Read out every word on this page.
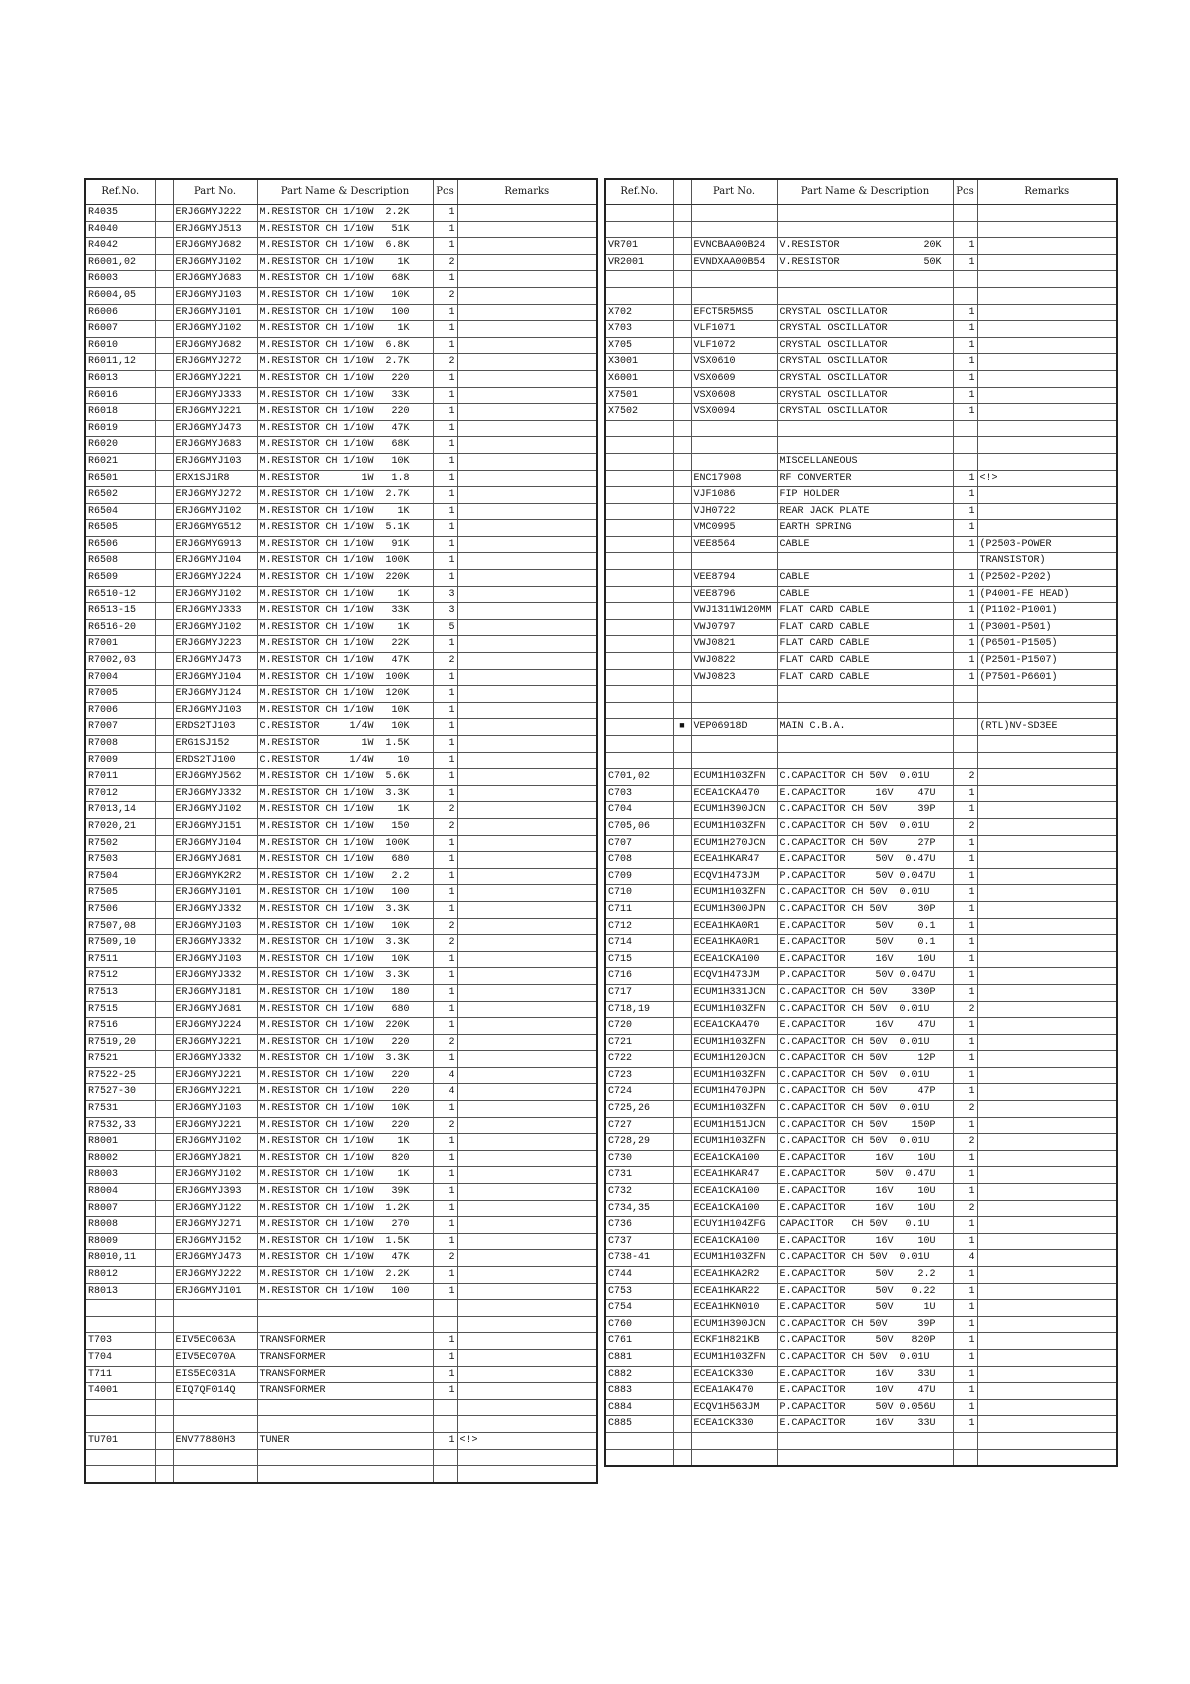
Ref.No.		Part No.	Part Name & Description	Pcs	Remarks
R4035		ERJ6GMYJ222	M.RESISTOR CH 1/10W  2.2K	1	
R4040		ERJ6GMYJ513	M.RESISTOR CH 1/10W   51K	1	
R4042		ERJ6GMYJ682	M.RESISTOR CH 1/10W  6.8K	1	
R6001,02		ERJ6GMYJ102	M.RESISTOR CH 1/10W    1K	2	
R6003		ERJ6GMYJ683	M.RESISTOR CH 1/10W   68K	1	
R6004,05		ERJ6GMYJ103	M.RESISTOR CH 1/10W   10K	2	
R6006		ERJ6GMYJ101	M.RESISTOR CH 1/10W   100	1	
R6007		ERJ6GMYJ102	M.RESISTOR CH 1/10W    1K	1	
R6010		ERJ6GMYJ682	M.RESISTOR CH 1/10W  6.8K	1	
R6011,12		ERJ6GMYJ272	M.RESISTOR CH 1/10W  2.7K	2	
R6013		ERJ6GMYJ221	M.RESISTOR CH 1/10W   220	1	
R6016		ERJ6GMYJ333	M.RESISTOR CH 1/10W   33K	1	
R6018		ERJ6GMYJ221	M.RESISTOR CH 1/10W   220	1	
R6019		ERJ6GMYJ473	M.RESISTOR CH 1/10W   47K	1	
R6020		ERJ6GMYJ683	M.RESISTOR CH 1/10W   68K	1	
R6021		ERJ6GMYJ103	M.RESISTOR CH 1/10W   10K	1	
R6501		ERX1SJ1R8	M.RESISTOR       1W   1.8	1	
R6502		ERJ6GMYJ272	M.RESISTOR CH 1/10W  2.7K	1	
R6504		ERJ6GMYJ102	M.RESISTOR CH 1/10W    1K	1	
R6505		ERJ6GMYG512	M.RESISTOR CH 1/10W  5.1K	1	
R6506		ERJ6GMYG913	M.RESISTOR CH 1/10W   91K	1	
R6508		ERJ6GMYJ104	M.RESISTOR CH 1/10W  100K	1	
R6509		ERJ6GMYJ224	M.RESISTOR CH 1/10W  220K	1	
R6510-12		ERJ6GMYJ102	M.RESISTOR CH 1/10W    1K	3	
R6513-15		ERJ6GMYJ333	M.RESISTOR CH 1/10W   33K	3	
R6516-20		ERJ6GMYJ102	M.RESISTOR CH 1/10W    1K	5	
R7001		ERJ6GMYJ223	M.RESISTOR CH 1/10W   22K	1	
R7002,03		ERJ6GMYJ473	M.RESISTOR CH 1/10W   47K	2	
R7004		ERJ6GMYJ104	M.RESISTOR CH 1/10W  100K	1	
R7005		ERJ6GMYJ124	M.RESISTOR CH 1/10W  120K	1	
R7006		ERJ6GMYJ103	M.RESISTOR CH 1/10W   10K	1	
R7007		ERDS2TJ103	C.RESISTOR     1/4W   10K	1	
R7008		ERG1SJ152	M.RESISTOR       1W  1.5K	1	
R7009		ERDS2TJ100	C.RESISTOR     1/4W    10	1	
R7011		ERJ6GMYJ562	M.RESISTOR CH 1/10W  5.6K	1	
R7012		ERJ6GMYJ332	M.RESISTOR CH 1/10W  3.3K	1	
R7013,14		ERJ6GMYJ102	M.RESISTOR CH 1/10W    1K	2	
R7020,21		ERJ6GMYJ151	M.RESISTOR CH 1/10W   150	2	
R7502		ERJ6GMYJ104	M.RESISTOR CH 1/10W  100K	1	
R7503		ERJ6GMYJ681	M.RESISTOR CH 1/10W   680	1	
R7504		ERJ6GMYK2R2	M.RESISTOR CH 1/10W   2.2	1	
R7505		ERJ6GMYJ101	M.RESISTOR CH 1/10W   100	1	
R7506		ERJ6GMYJ332	M.RESISTOR CH 1/10W  3.3K	1	
R7507,08		ERJ6GMYJ103	M.RESISTOR CH 1/10W   10K	2	
R7509,10		ERJ6GMYJ332	M.RESISTOR CH 1/10W  3.3K	2	
R7511		ERJ6GMYJ103	M.RESISTOR CH 1/10W   10K	1	
R7512		ERJ6GMYJ332	M.RESISTOR CH 1/10W  3.3K	1	
R7513		ERJ6GMYJ181	M.RESISTOR CH 1/10W   180	1	
R7515		ERJ6GMYJ681	M.RESISTOR CH 1/10W   680	1	
R7516		ERJ6GMYJ224	M.RESISTOR CH 1/10W  220K	1	
R7519,20		ERJ6GMYJ221	M.RESISTOR CH 1/10W   220	2	
R7521		ERJ6GMYJ332	M.RESISTOR CH 1/10W  3.3K	1	
R7522-25		ERJ6GMYJ221	M.RESISTOR CH 1/10W   220	4	
R7527-30		ERJ6GMYJ221	M.RESISTOR CH 1/10W   220	4	
R7531		ERJ6GMYJ103	M.RESISTOR CH 1/10W   10K	1	
R7532,33		ERJ6GMYJ221	M.RESISTOR CH 1/10W   220	2	
R8001		ERJ6GMYJ102	M.RESISTOR CH 1/10W    1K	1	
R8002		ERJ6GMYJ821	M.RESISTOR CH 1/10W   820	1	
R8003		ERJ6GMYJ102	M.RESISTOR CH 1/10W    1K	1	
R8004		ERJ6GMYJ393	M.RESISTOR CH 1/10W   39K	1	
R8007		ERJ6GMYJ122	M.RESISTOR CH 1/10W  1.2K	1	
R8008		ERJ6GMYJ271	M.RESISTOR CH 1/10W   270	1	
R8009		ERJ6GMYJ152	M.RESISTOR CH 1/10W  1.5K	1	
R8010,11		ERJ6GMYJ473	M.RESISTOR CH 1/10W   47K	2	
R8012		ERJ6GMYJ222	M.RESISTOR CH 1/10W  2.2K	1	
R8013		ERJ6GMYJ101	M.RESISTOR CH 1/10W   100	1	

T703		EIV5EC063A	TRANSFORMER	1	
T704		EIV5EC070A	TRANSFORMER	1	
T711		EIS5EC031A	TRANSFORMER	1	
T4001		EIQ7QF014Q	TRANSFORMER	1	

TU701		ENV77880H3	TUNER	1	<!>

Ref.No.		Part No.	Part Name & Description	Pcs	Remarks

VR701		EVNCBAA00B24	V.RESISTOR              20K	1	
VR2001		EVNDXAA00B54	V.RESISTOR              50K	1	

X702		EFCT5R5MS5	CRYSTAL OSCILLATOR	1	
X703		VLF1071	CRYSTAL OSCILLATOR	1	
X705		VLF1072	CRYSTAL OSCILLATOR	1	
X3001		VSX0610	CRYSTAL OSCILLATOR	1	
X6001		VSX0609	CRYSTAL OSCILLATOR	1	
X7501		VSX0608	CRYSTAL OSCILLATOR	1	
X7502		VSX0094	CRYSTAL OSCILLATOR	1	

			MISCELLANEOUS		
		ENC17908	RF CONVERTER	1	<!>
		VJF1086	FIP HOLDER	1	
		VJH0722	REAR JACK PLATE	1	
		VMC0995	EARTH SPRING	1	
		VEE8564	CABLE	1	(P2503-POWER
					TRANSISTOR)
		VEE8794	CABLE	1	(P2502-P202)
		VEE8796	CABLE	1	(P4001-FE HEAD)
		VWJ1311W120MM	FLAT CARD CABLE	1	(P1102-P1001)
		VWJ0797	FLAT CARD CABLE	1	(P3001-P501)
		VWJ0821	FLAT CARD CABLE	1	(P6501-P1505)
		VWJ0822	FLAT CARD CABLE	1	(P2501-P1507)
		VWJ0823	FLAT CARD CABLE	1	(P7501-P6601)

	■	VEP06918D	MAIN C.B.A.		(RTL)NV-SD3EE

C701,02		ECUM1H103ZFN	C.CAPACITOR CH 50V  0.01U	2	
C703		ECEA1CKA470	E.CAPACITOR     16V    47U	1	
C704		ECUM1H390JCN	C.CAPACITOR CH 50V     39P	1	
C705,06		ECUM1H103ZFN	C.CAPACITOR CH 50V  0.01U	2	
C707		ECUM1H270JCN	C.CAPACITOR CH 50V     27P	1	
C708		ECEA1HKAR47	E.CAPACITOR     50V  0.47U	1	
C709		ECQV1H473JM	P.CAPACITOR     50V 0.047U	1	
C710		ECUM1H103ZFN	C.CAPACITOR CH 50V  0.01U	1	
C711		ECUM1H300JPN	C.CAPACITOR CH 50V     30P	1	
C712		ECEA1HKA0R1	E.CAPACITOR     50V    0.1	1	
C714		ECEA1HKA0R1	E.CAPACITOR     50V    0.1	1	
C715		ECEA1CKA100	E.CAPACITOR     16V    10U	1	
C716		ECQV1H473JM	P.CAPACITOR     50V 0.047U	1	
C717		ECUM1H331JCN	C.CAPACITOR CH 50V    330P	1	
C718,19		ECUM1H103ZFN	C.CAPACITOR CH 50V  0.01U	2	
C720		ECEA1CKA470	E.CAPACITOR     16V    47U	1	
C721		ECUM1H103ZFN	C.CAPACITOR CH 50V  0.01U	1	
C722		ECUM1H120JCN	C.CAPACITOR CH 50V     12P	1	
C723		ECUM1H103ZFN	C.CAPACITOR CH 50V  0.01U	1	
C724		ECUM1H470JPN	C.CAPACITOR CH 50V     47P	1	
C725,26		ECUM1H103ZFN	C.CAPACITOR CH 50V  0.01U	2	
C727		ECUM1H151JCN	C.CAPACITOR CH 50V    150P	1	
C728,29		ECUM1H103ZFN	C.CAPACITOR CH 50V  0.01U	2	
C730		ECEA1CKA100	E.CAPACITOR     16V    10U	1	
C731		ECEA1HKAR47	E.CAPACITOR     50V  0.47U	1	
C732		ECEA1CKA100	E.CAPACITOR     16V    10U	1	
C734,35		ECEA1CKA100	E.CAPACITOR     16V    10U	2	
C736		ECUY1H104ZFG	CAPACITOR   CH 50V   0.1U	1	
C737		ECEA1CKA100	E.CAPACITOR     16V    10U	1	
C738-41		ECUM1H103ZFN	C.CAPACITOR CH 50V  0.01U	4	
C744		ECEA1HKA2R2	E.CAPACITOR     50V    2.2	1	
C753		ECEA1HKAR22	E.CAPACITOR     50V   0.22	1	
C754		ECEA1HKN010	E.CAPACITOR     50V     1U	1	
C760		ECUM1H390JCN	C.CAPACITOR CH 50V     39P	1	
C761		ECKF1H821KB	C.CAPACITOR     50V   820P	1	
C881		ECUM1H103ZFN	C.CAPACITOR CH 50V  0.01U	1	
C882		ECEA1CK330	E.CAPACITOR     16V    33U	1	
C883		ECEA1AK470	E.CAPACITOR     10V    47U	1	
C884		ECQV1H563JM	P.CAPACITOR     50V 0.056U	1	
C885		ECEA1CK330	E.CAPACITOR     16V    33U	1	
